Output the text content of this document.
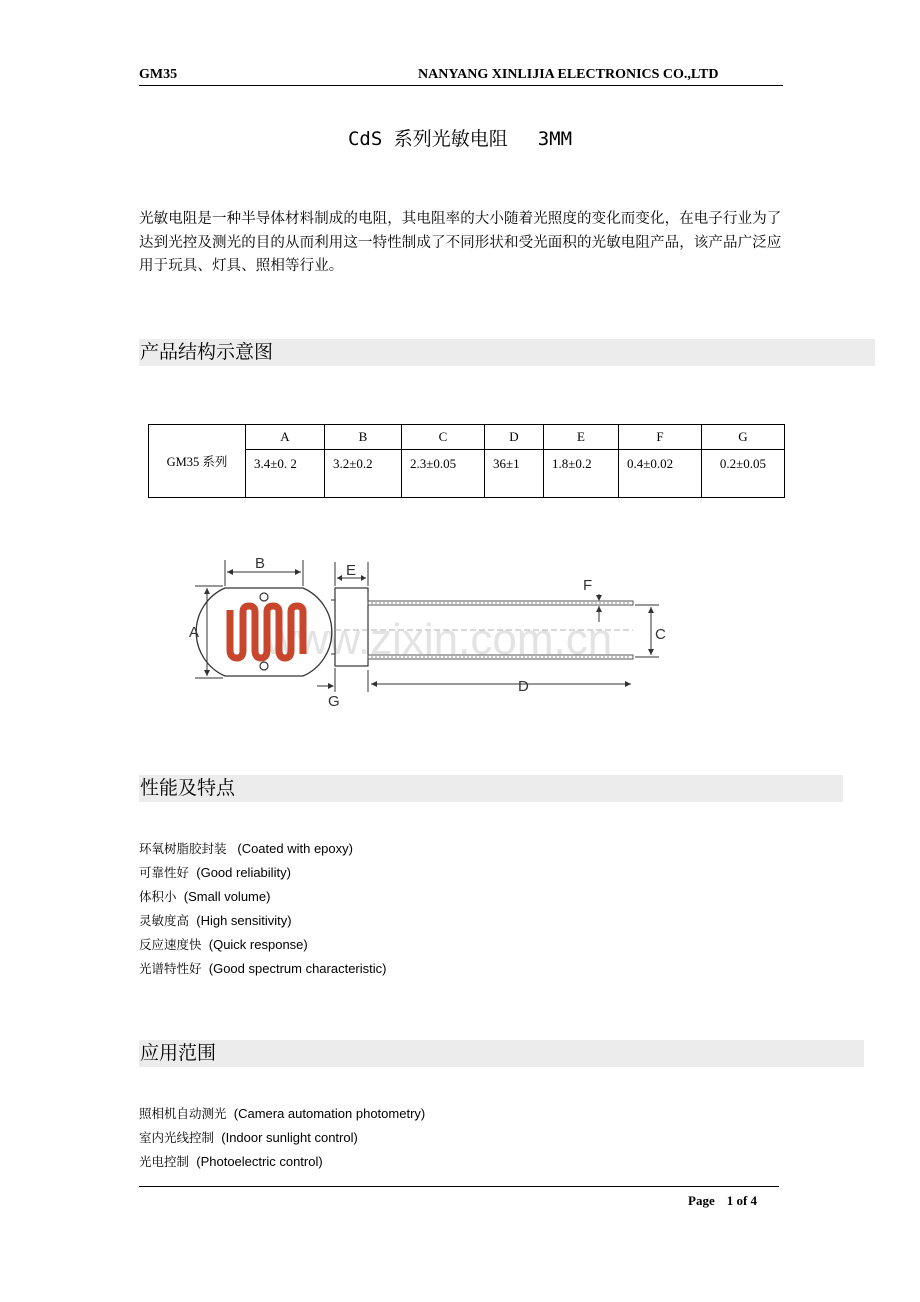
GM35	NANYANG XINLIJIA ELECTRONICS CO.,LTD
CdS 系列光敏电阻 3MM
光敏电阻是一种半导体材料制成的电阻，其电阻率的大小随着光照度的变化而变化，在电子行业为了达到光控及测光的目的从而利用这一特性制成了不同形状和受光面积的光敏电阻产品，该产品广泛应用于玩具、灯具、照相等行业。
产品结构示意图
GM35 系列	A	B	C	D	E	F	G
	3.4±0. 2	3.2±0.2	2.3±0.05	36±1	1.8±0.2	0.4±0.02	0.2±0.05
www.zixin.com.cn
B
A
E
F
C
D
G
性能及特点
环氧树脂胶封装 (Coated with epoxy)
可靠性好 (Good reliability)
体积小 (Small volume)
灵敏度高 (High sensitivity)
反应速度快 (Quick response)
光谱特性好 (Good spectrum characteristic)
应用范围
照相机自动测光 (Camera automation photometry)
室内光线控制 (Indoor sunlight control)
光电控制 (Photoelectric control)
Page 1 of 4
